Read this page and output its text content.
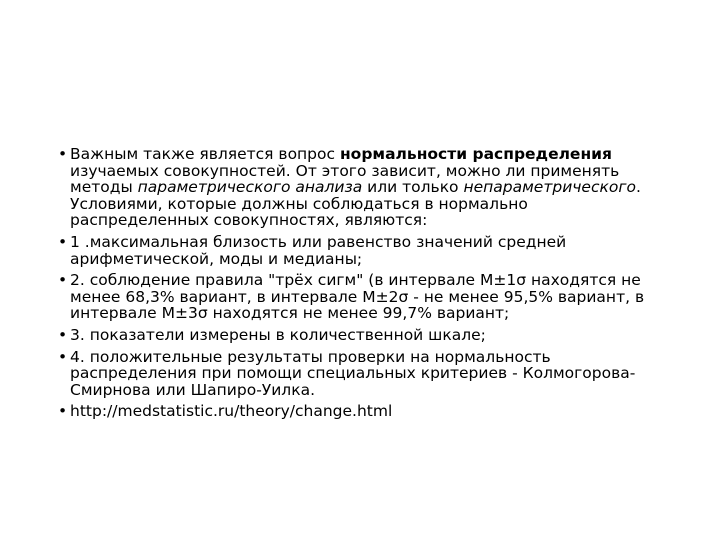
• Важным также является вопрос нормальности распределения изучаемых совокупностей. От этого зависит, можно ли применять методы параметрического анализа или только непараметрического. Условиями, которые должны соблюдаться в нормально распределенных совокупностях, являются:
• 1 .максимальная близость или равенство значений средней арифметической, моды и медианы;
• 2. соблюдение правила "трёх сигм" (в интервале М±1σ находятся не менее 68,3% вариант, в интервале М±2σ - не менее 95,5% вариант, в интервале М±3σ находятся не менее 99,7% вариант;
• 3. показатели измерены в количественной шкале;
• 4. положительные результаты проверки на нормальность распределения при помощи специальных критериев - Колмогорова-Смирнова или Шапиро-Уилка.
• http://medstatistic.ru/theory/change.html
